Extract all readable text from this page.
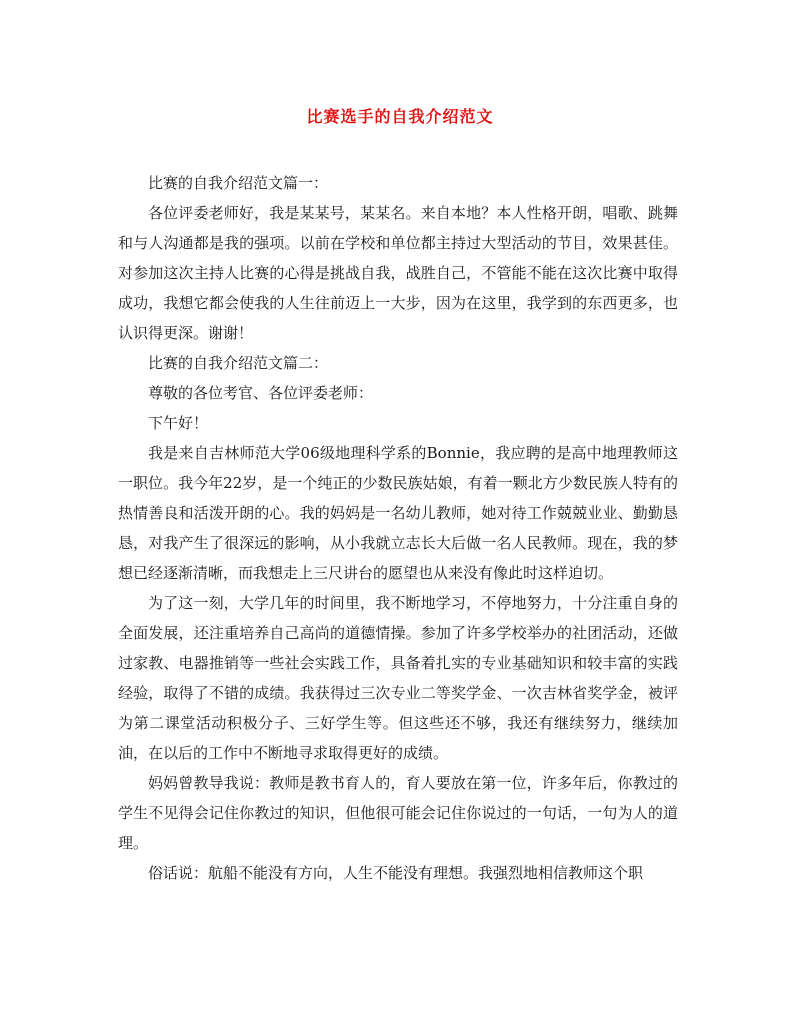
比赛选手的自我介绍范文

比赛的自我介绍范文篇一：

各位评委老师好，我是某某号，某某名。来自本地？本人性格开朗，唱歌、跳舞和与人沟通都是我的强项。以前在学校和单位都主持过大型活动的节目，效果甚佳。对参加这次主持人比赛的心得是挑战自我，战胜自己，不管能不能在这次比赛中取得成功，我想它都会使我的人生往前迈上一大步，因为在这里，我学到的东西更多，也认识得更深。谢谢！

比赛的自我介绍范文篇二：

尊敬的各位考官、各位评委老师：

下午好！

我是来自吉林师范大学06级地理科学系的Bonnie，我应聘的是高中地理教师这一职位。我今年22岁，是一个纯正的少数民族姑娘，有着一颗北方少数民族人特有的热情善良和活泼开朗的心。我的妈妈是一名幼儿教师，她对待工作兢兢业业、勤勤恳恳，对我产生了很深远的影响，从小我就立志长大后做一名人民教师。现在，我的梦想已经逐渐清晰，而我想走上三尺讲台的愿望也从来没有像此时这样迫切。

为了这一刻，大学几年的时间里，我不断地学习，不停地努力，十分注重自身的全面发展，还注重培养自己高尚的道德情操。参加了许多学校举办的社团活动，还做过家教、电器推销等一些社会实践工作，具备着扎实的专业基础知识和较丰富的实践经验，取得了不错的成绩。我获得过三次专业二等奖学金、一次吉林省奖学金，被评为第二课堂活动积极分子、三好学生等。但这些还不够，我还有继续努力，继续加油，在以后的工作中不断地寻求取得更好的成绩。

妈妈曾教导我说：教师是教书育人的，育人要放在第一位，许多年后，你教过的学生不见得会记住你教过的知识，但他很可能会记住你说过的一句话，一句为人的道理。

俗话说：航船不能没有方向，人生不能没有理想。我强烈地相信教师这个职
